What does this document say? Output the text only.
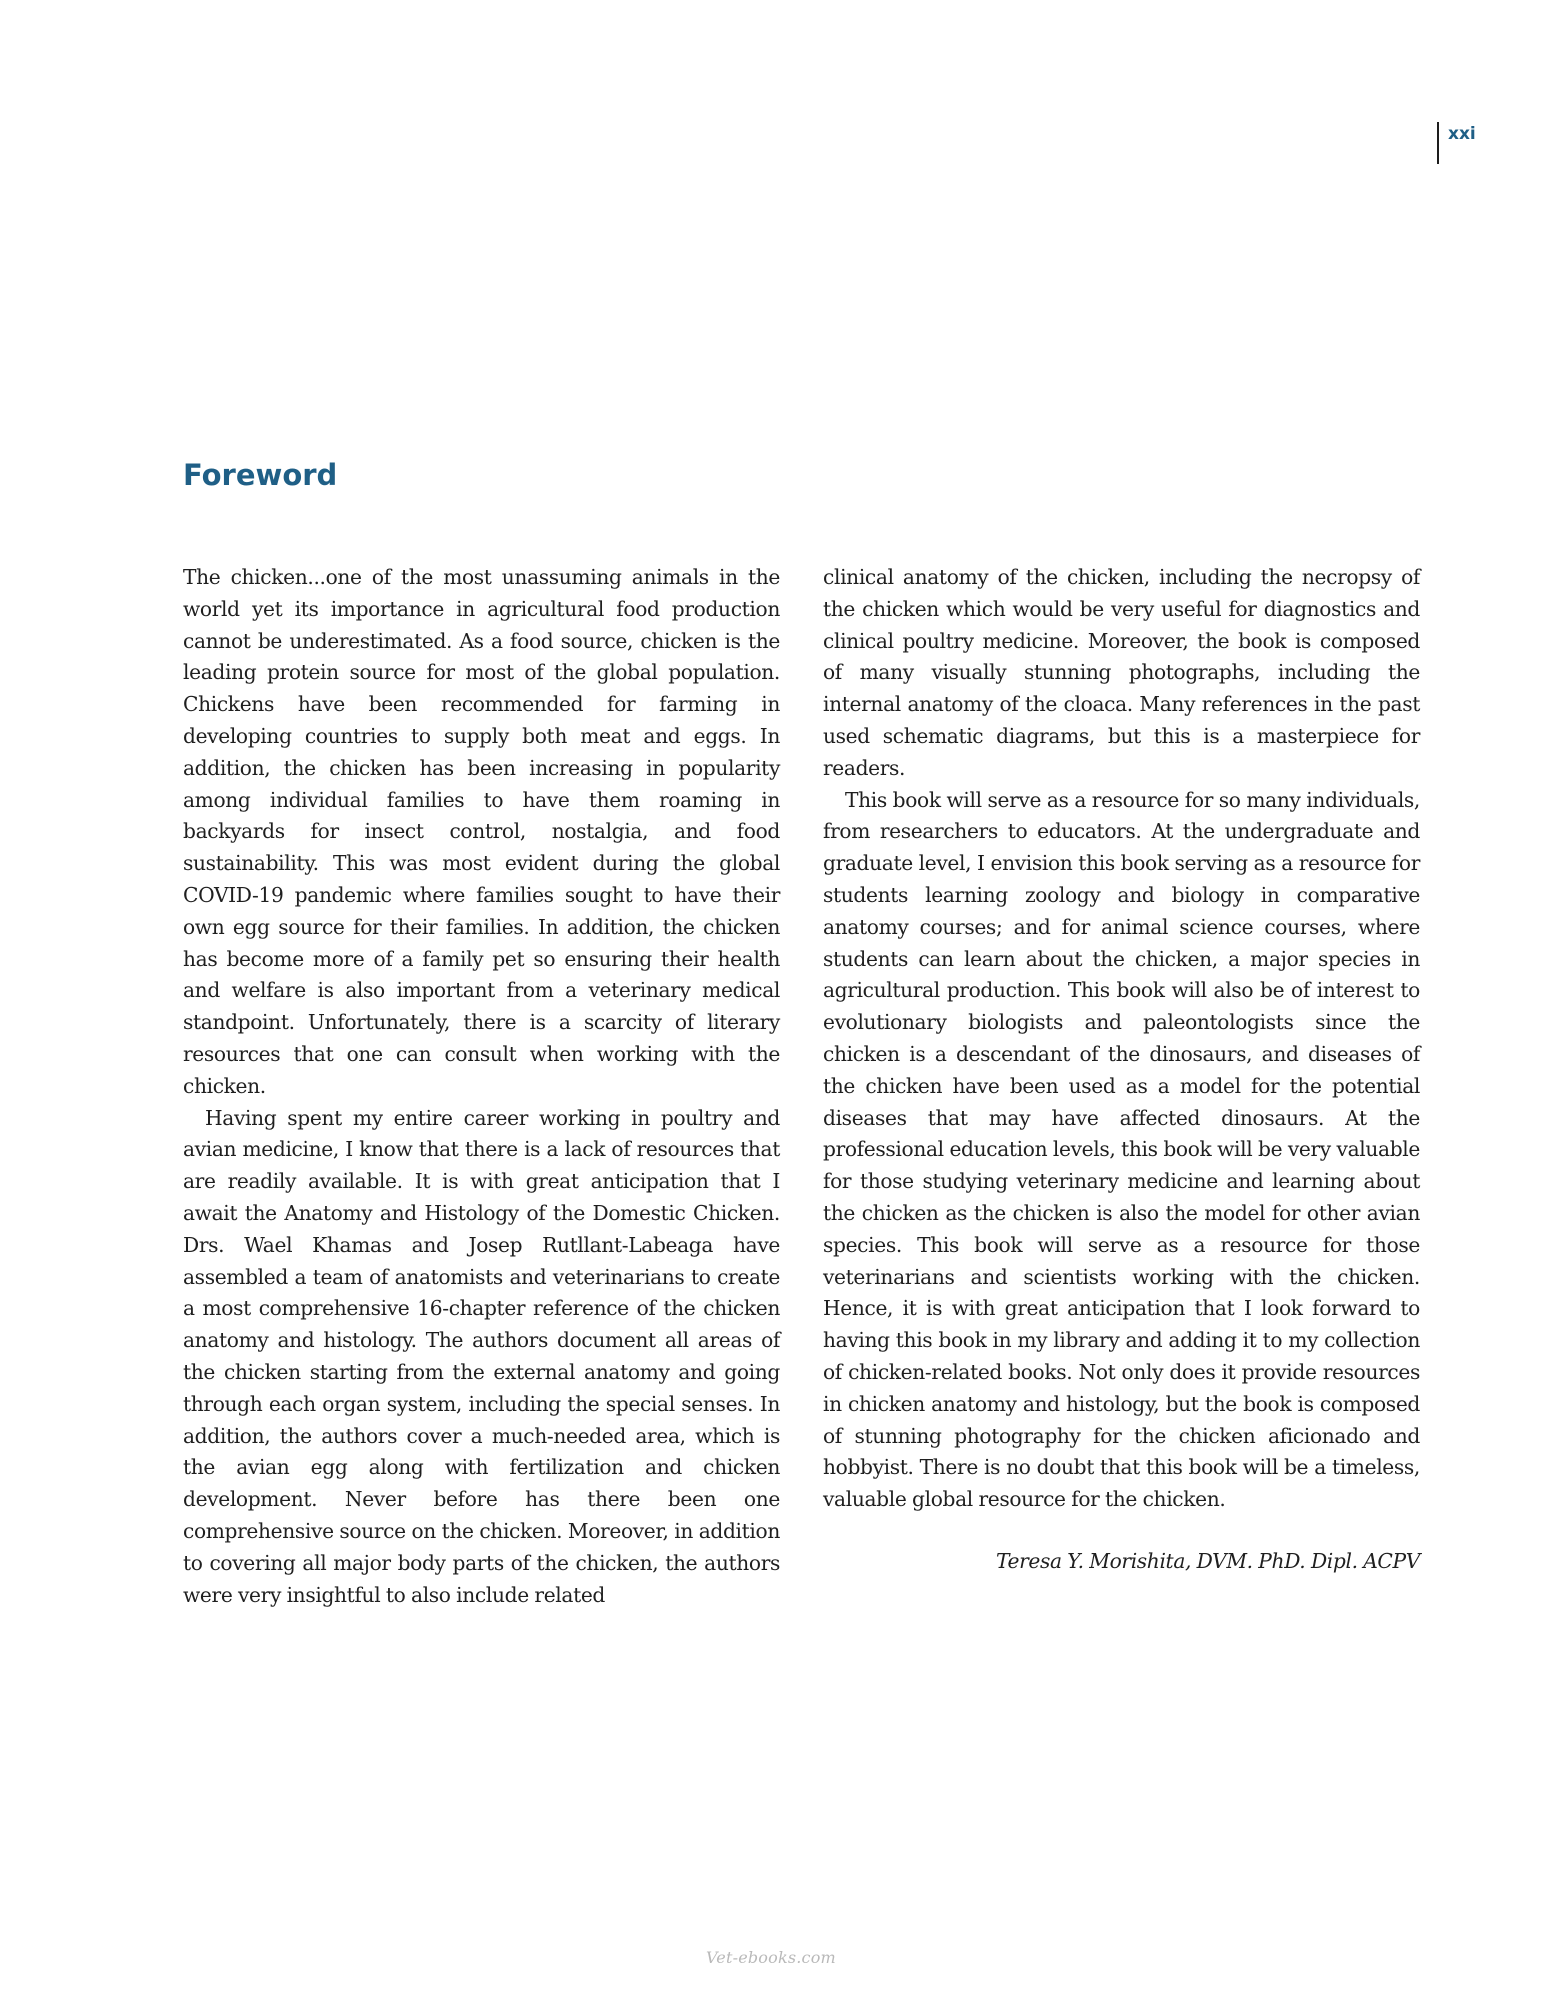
xxi
Foreword

The chicken...one of the most unassuming animals in the world yet its importance in agricultural food production cannot be underestimated. As a food source, chicken is the leading protein source for most of the global population. Chickens have been recommended for farming in developing countries to supply both meat and eggs. In addition, the chicken has been increasing in popularity among individual families to have them roaming in backyards for insect control, nostalgia, and food sustainability. This was most evident during the global COVID-19 pandemic where families sought to have their own egg source for their families. In addition, the chicken has become more of a family pet so ensuring their health and welfare is also important from a veterinary medical standpoint. Unfortunately, there is a scarcity of literary resources that one can consult when working with the chicken.

Having spent my entire career working in poultry and avian medicine, I know that there is a lack of resources that are readily available. It is with great anticipation that I await the Anatomy and Histology of the Domestic Chicken. Drs. Wael Khamas and Josep Rutllant-Labeaga have assembled a team of anatomists and veterinarians to create a most comprehensive 16-chapter reference of the chicken anatomy and histology. The authors document all areas of the chicken starting from the external anatomy and going through each organ system, including the special senses. In addition, the authors cover a much-needed area, which is the avian egg along with fertilization and chicken development. Never before has there been one comprehensive source on the chicken. Moreover, in addition to covering all major body parts of the chicken, the authors were very insightful to also include related

clinical anatomy of the chicken, including the necropsy of the chicken which would be very useful for diagnostics and clinical poultry medicine. Moreover, the book is composed of many visually stunning photographs, including the internal anatomy of the cloaca. Many references in the past used schematic diagrams, but this is a masterpiece for readers.

This book will serve as a resource for so many individuals, from researchers to educators. At the undergraduate and graduate level, I envision this book serving as a resource for students learning zoology and biology in comparative anatomy courses; and for animal science courses, where students can learn about the chicken, a major species in agricultural production. This book will also be of interest to evolutionary biologists and paleontologists since the chicken is a descendant of the dinosaurs, and diseases of the chicken have been used as a model for the potential diseases that may have affected dinosaurs. At the professional education levels, this book will be very valuable for those studying veterinary medicine and learning about the chicken as the chicken is also the model for other avian species. This book will serve as a resource for those veterinarians and scientists working with the chicken. Hence, it is with great anticipation that I look forward to having this book in my library and adding it to my collection of chicken-related books. Not only does it provide resources in chicken anatomy and histology, but the book is composed of stunning photography for the chicken aficionado and hobbyist. There is no doubt that this book will be a timeless, valuable global resource for the chicken.

Teresa Y. Morishita, DVM. PhD. Dipl. ACPV
Vet-ebooks.com
